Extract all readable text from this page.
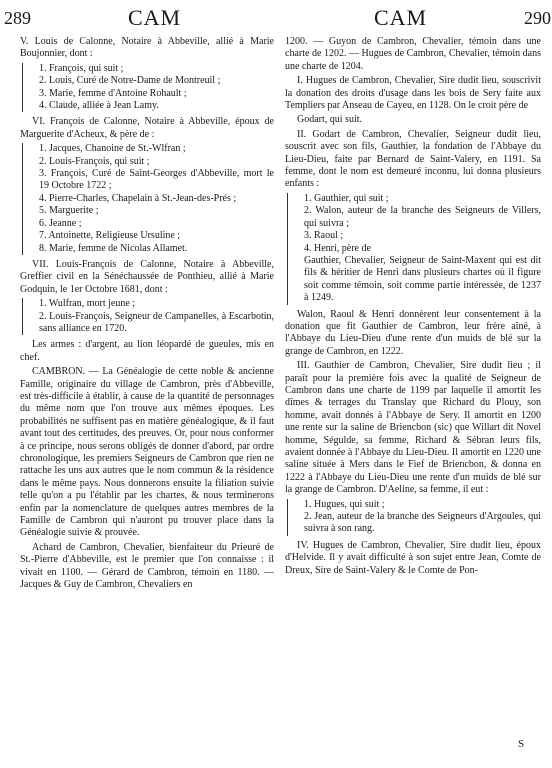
289	CAM	CAM	290

V. Louis de Calonne, Notaire à Abbeville, allié à Marie Boujonnier, dont :

1. François, qui suit ;
2. Louis, Curé de Notre-Dame de Montreuil ;
3. Marie, femme d'Antoine Rohault ;
4. Claude, alliée à Jean Lamy.

VI. François de Calonne, Notaire à Abbeville, époux de Marguerite d'Acheux, & père de :

1. Jacques, Chanoine de St.-Wlfran ;
2. Louis-François, qui suit ;
3. François, Curé de Saint-Georges d'Abbeville, mort le 19 Octobre 1722 ;
4. Pierre-Charles, Chapelain à St.-Jean-des-Prés ;
5. Marguerite ;
6. Jeanne ;
7. Antoinette, Religieuse Ursuline ;
8. Marie, femme de Nicolas Allamet.

VII. Louis-François de Calonne, Notaire à Abbeville, Greffier civil en la Sénéchaussée de Ponthieu, allié à Marie Godquin, le 1er Octobre 1681, dont :

1. Wulfran, mort jeune ;
2. Louis-François, Seigneur de Campanelles, à Escarbotin, sans alliance en 1720.

Les armes : d'argent, au lion léopardé de gueules, mis en chef.

CAMBRON. — La Généalogie de cette noble & ancienne Famille, originaire du village de Cambron, près d'Abbeville, est très-difficile à établir, à cause de la quantité de personnages du même nom que l'on trouve aux mêmes époques. Les probabilités ne suffisent pas en matière généalogique, & il faut avant tout des certitudes, des preuves. Or, pour nous conformer à ce principe, nous serons obligés de donner d'abord, par ordre chronologique, les premiers Seigneurs de Cambron que rien ne rattache les uns aux autres que le nom commun & la résidence dans le même pays. Nous donnerons ensuite la filiation suivie telle qu'on a pu l'établir par les chartes, & nous terminerons enfin par la nomenclature de quelques autres membres de la Famille de Cambron qui n'auront pu trouver place dans la Généalogie suivie & prouvée.

Achard de Cambron, Chevalier, bienfaiteur du Prieuré de St.-Pierre d'Abbeville, est le premier que l'on connaisse : il vivait en 1100. — Gérard de Cambron, témoin en 1180. — Jacques & Guy de Cambron, Chevaliers en

1200. — Guyon de Cambron, Chevalier, témoin dans une charte de 1202. — Hugues de Cambron, Chevalier, témoin dans une charte de 1204.

I. Hugues de Cambron, Chevalier, Sire dudit lieu, souscrivit la donation des droits d'usage dans les bois de Sery faite aux Templiers par Anseau de Cayeu, en 1128. On le croit père de

Godart, qui suit.

II. Godart de Cambron, Chevalier, Seigneur dudit lieu, souscrit avec son fils, Gauthier, la fondation de l'Abbaye du Lieu-Dieu, faite par Bernard de Saint-Valery, en 1191. Sa femme, dont le nom est demeuré inconnu, lui donna plusieurs enfants :

1. Gauthier, qui suit ;
2. Walon, auteur de la branche des Seigneurs de Villers, qui suivra ;
3. Raoul ;
4. Henri, père de
Gauthier, Chevalier, Seigneur de Saint-Maxent qui est dit fils & héritier de Henri dans plusieurs chartes où il figure soit comme témoin, soit comme partie intéressée, de 1237 à 1249.

Walon, Raoul & Henri donnèrent leur consentement à la donation que fit Gauthier de Cambron, leur frère aîné, à l'Abbaye du Lieu-Dieu d'une rente d'un muids de blé sur la grange de Cambron, en 1222.

III. Gauthier de Cambron, Chevalier, Sire dudit lieu ; il paraît pour la première fois avec la qualité de Seigneur de Cambron dans une charte de 1199 par laquelle il amortit les dîmes & terrages du Translay que Richard du Plouy, son homme, avait donnés à l'Abbaye de Sery. Il amortit en 1200 une rente sur la saline de Briencbon (sic) que Willart dit Novel homme, Ségulde, sa femme, Richard & Sébran leurs fils, avaient donnée à l'Abbaye du Lieu-Dieu. Il amortit en 1220 une saline située à Mers dans le Fief de Briencbon, & donna en 1222 à l'Abbaye du Lieu-Dieu une rente d'un muids de blé sur la grange de Cambron. D'Aeline, sa femme, il eut :

1. Hugues, qui suit ;
2. Jean, auteur de la branche des Seigneurs d'Argoules, qui suivra à son rang.

IV. Hugues de Cambron, Chevalier, Sire dudit lieu, époux d'Helvide. Il y avait difficulté à son sujet entre Jean, Comte de Dreux, Sire de Saint-Valery & le Comte de Pon-

S
